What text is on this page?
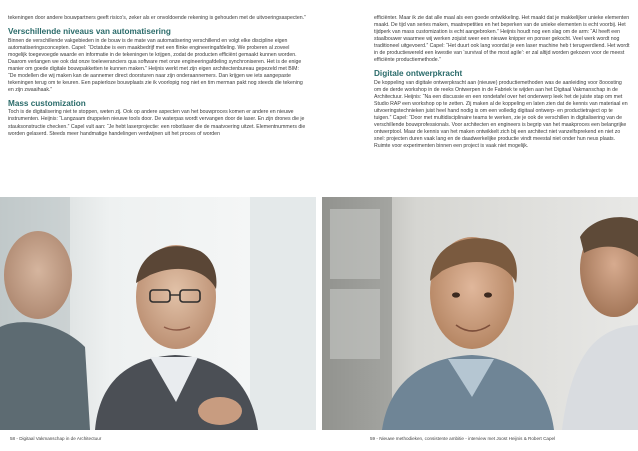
tekeningen door andere bouwpartners geeft risico’s, zeker als er onvoldoende rekening is gehouden met de uitvoeringsaspecten.”

Verschillende niveaus van automatisering

Binnen de verschillende vakgebieden in de bouw is de mate van automatisering verschillend en volgt elke discipline eigen automatiseringsconcepten. Capel: “Octatube is een maakbedrijf met een flinke engineeringafdeling. We proberen al zoveel mogelijk toegevoegde waarde en informatie in de tekeningen te krijgen, zodat de producten efficiënt gemaakt kunnen worden. Daarom verlangen we ook dat onze toeleveranciers qua software met onze engineeringafdeling synchroniseren. Het is de enige manier om goede digitale bouwpakketten te kunnen maken.” Heijnis werkt met zijn eigen architectenbureau gepezeld met BIM: “De modellen die wij maken kan de aannemer direct doorsturen naar zijn onderaannemers. Dan krijgen we iets aangepaste tekeningen terug om te keuren. Een papierloze bouwplaats zie ik voorlopig nog niet en tim merman pakt nog steeds die tekening en zijn zwaaihaak.”

Mass customization

Toch is de digitalisering niet te stoppen, weten zij. Ook op andere aspecten van het bouwproces komen er andere en nieuwe instrumenten. Heijnis: “Langzaam druppelen nieuwe tools door. De waterpas wordt vervangen door de laser. En zijn drones die je stauksonstructie checken.” Capel vult aan: “Je hebt laserprojectie: een robotlaser die de maatvoering uitzet. Elementnummers die worden gelaserd. Steeds meer handmatige handelingen verdwijnen uit het proces of worden

58 - Digitaal Vakmanschap in de Architectuur

efficiënter. Maar ik zie dat alle maal als een goede ontwikkeling. Het maakt dat je makkelijker unieke elementen maakt. De tijd van series maken, maatrepetities en het beperken van de unieke elementen is echt voorbij. Het tijdperk van mass customization is echt aangebroken.” Heijnis houdt nog een slag om de arm: “Al heeft een staalbouwer waarmee wij werken zojuist weer een nieuwe knipper en ponser gekocht. Veel werk wordt nog traditioneel uitgevoerd.” Capel: “Het duurt ook lang voordat je een laser machine heb t terugverdiend. Het wordt in de productiewereld een kwestie van ‘survival of the most agile’: er zal altijd worden gekozen voor de meest efficiënte productiemethode.”

Digitale ontwerpkracht

De koppeling van digitale ontwerpkracht aan (nieuwe) productiemethoden was de aanleiding voor 8ooosting om de derde workshop in de reeks Ontwerpen in de Fabriek te wijden aan het Digitaal Vakmanschap in de Architectuur. Heijnis: “Na een discussie en een rondetafel over het onderwerp leek het de juiste stap om met Studio RAP een workshop op te zetten. Zij maken al de koppeling en laten zien dat de kennis van materiaal en uitvoeringstechnieken juist heel hand nodig is om een volledig digitaal ontwerp- en productietraject op te tuigen.” Capel: “Door met multidisciplinaire teams te werken, zie je ook de verschillen in digitalisering van de verschillende bouwprofessionals. Voor architecten en engineers is begrip van het maakproces een belangrijke ontwerptool. Maar de kennis van het maken ontwikkelt zich bij een architect niet vanzelfsprekend en niet zo snel: projecten duren vaak lang en de daadwerkelijke productie vindt meestal niet onder hun neus plaats. Ruimte voor experimenten binnen een project is vaak niet mogelijk.

59 - Nieuwe methodieken, consistente ambitie - interview met Joost Heijnis & Robert Capel
